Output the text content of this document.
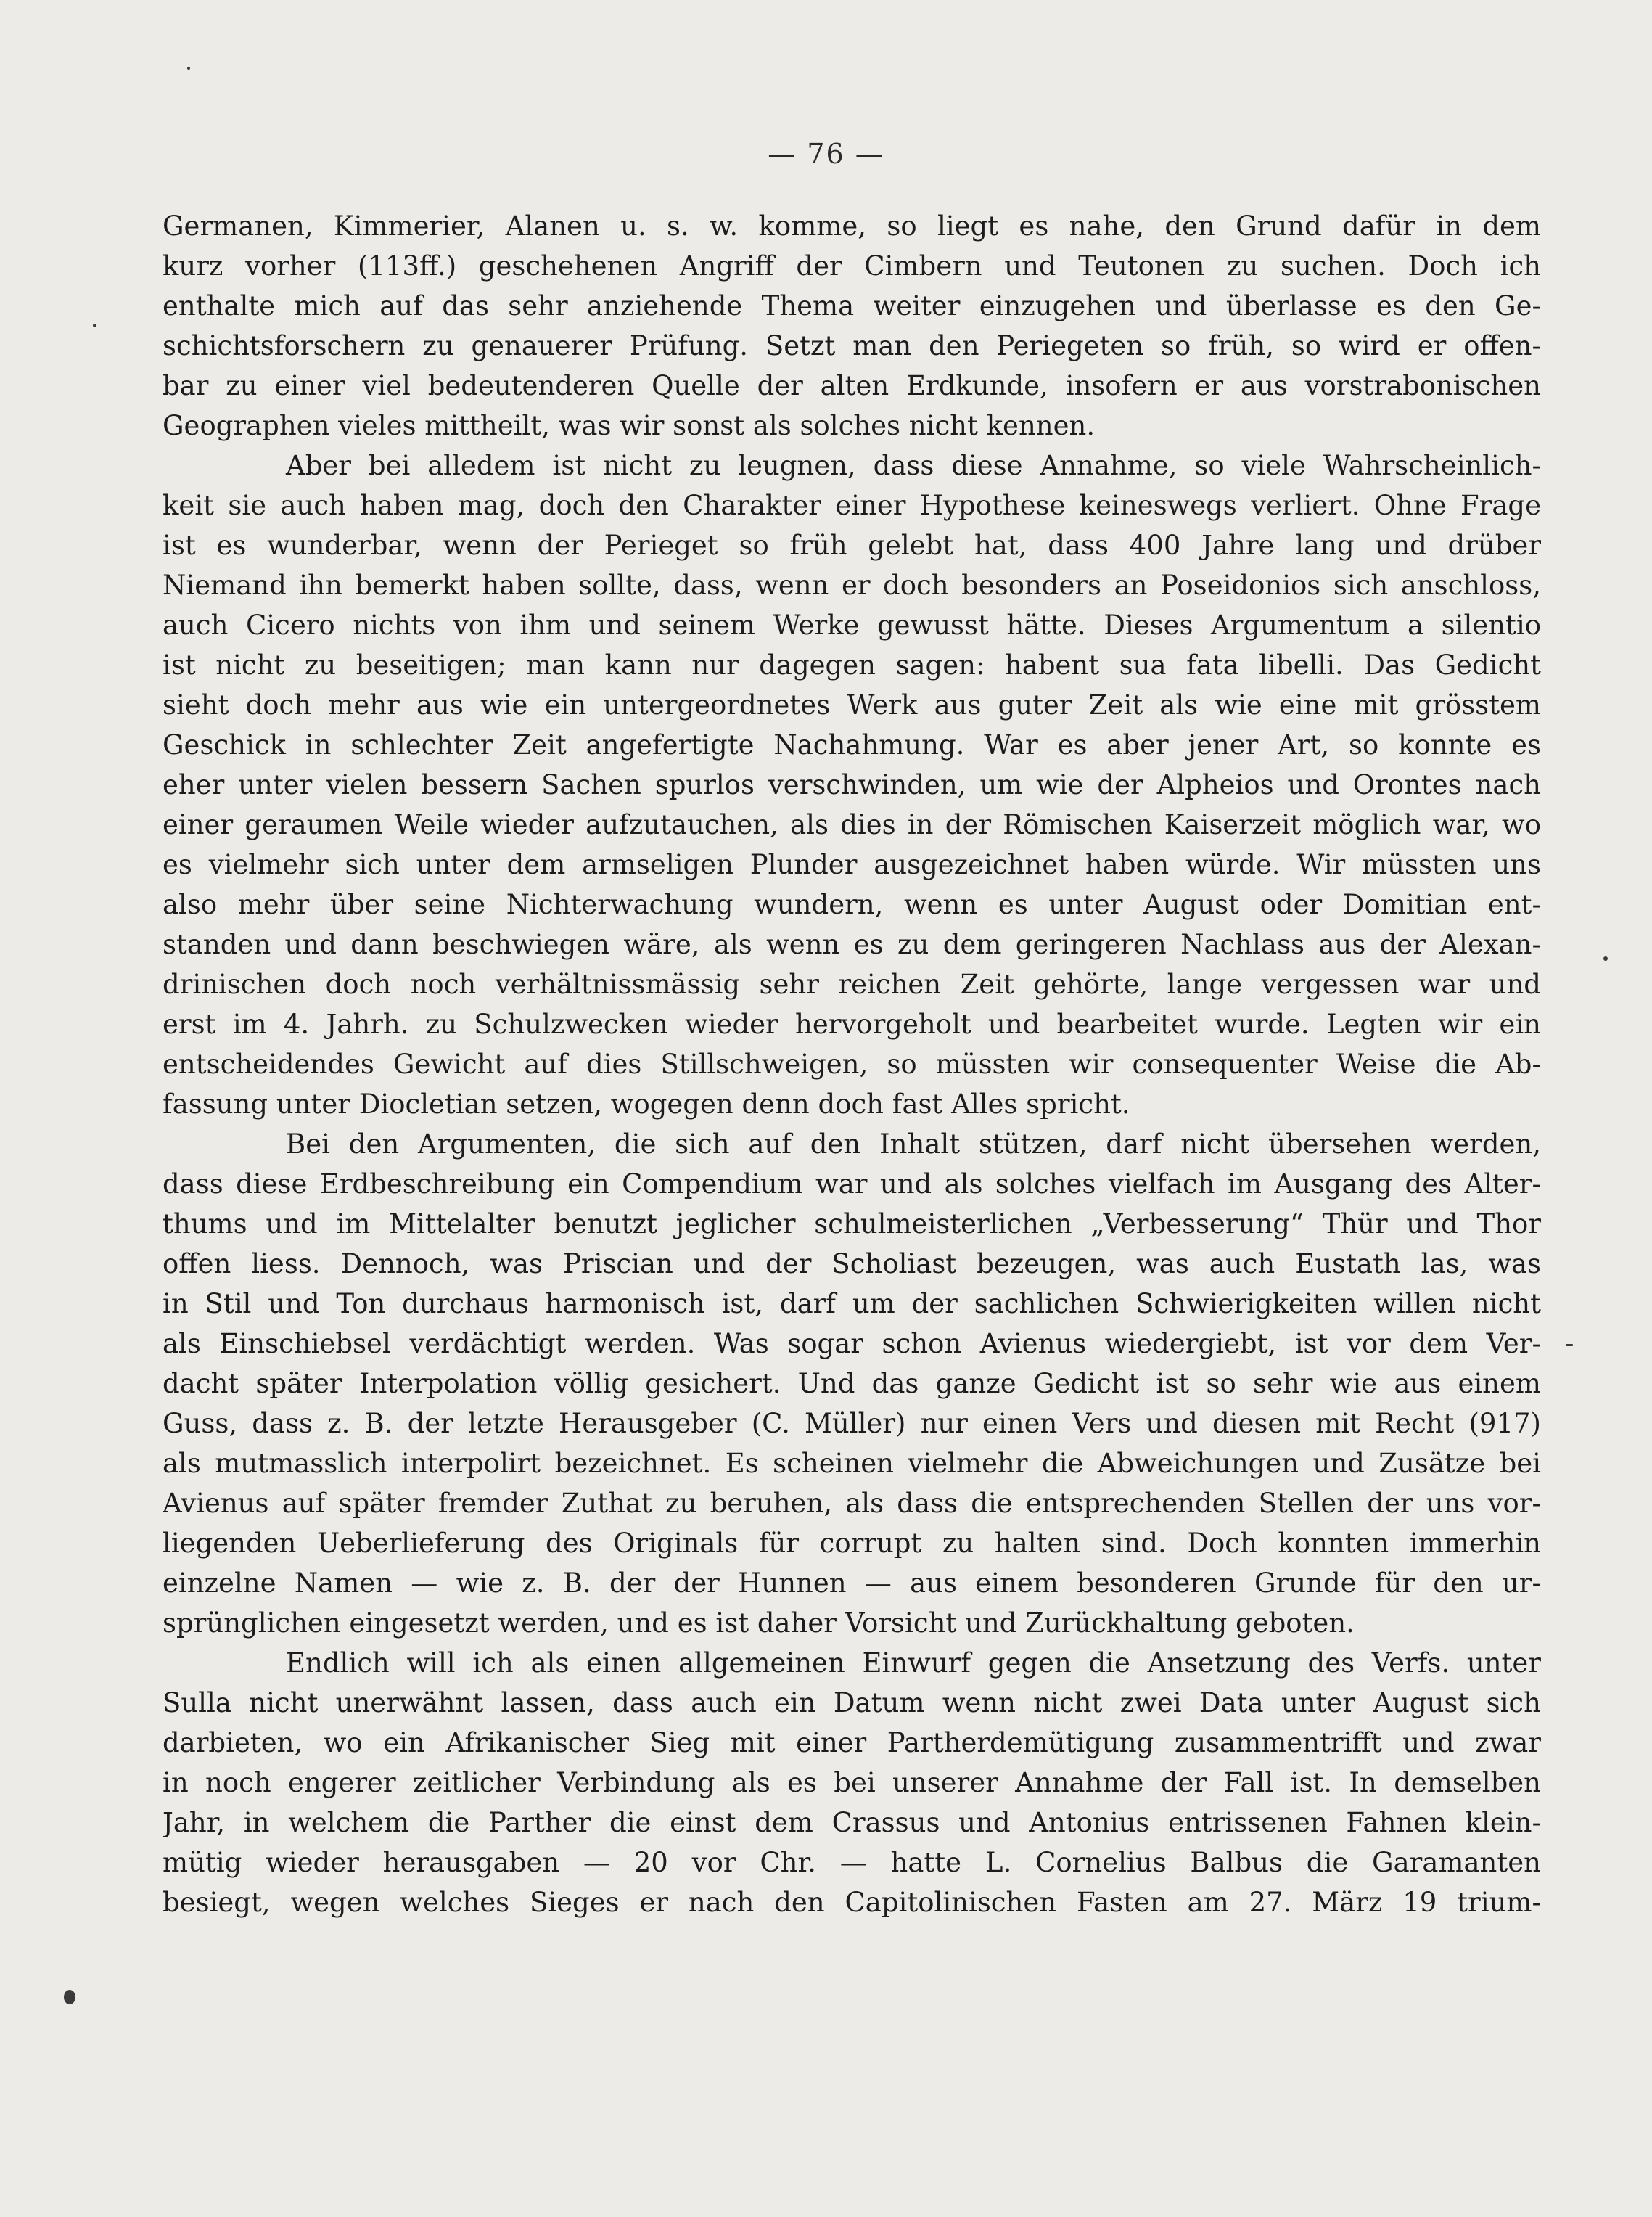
— 76 —
Germanen, Kimmerier, Alanen u. s. w. komme, so liegt es nahe, den Grund dafür in dem
kurz vorher (113ff.) geschehenen Angriff der Cimbern und Teutonen zu suchen. Doch ich
enthalte mich auf das sehr anziehende Thema weiter einzugehen und überlasse es den Ge-
schichtsforschern zu genauerer Prüfung. Setzt man den Periegeten so früh, so wird er offen-
bar zu einer viel bedeutenderen Quelle der alten Erdkunde, insofern er aus vorstrabonischen
Geographen vieles mittheilt, was wir sonst als solches nicht kennen.
Aber bei alledem ist nicht zu leugnen, dass diese Annahme, so viele Wahrscheinlich-
keit sie auch haben mag, doch den Charakter einer Hypothese keineswegs verliert. Ohne Frage
ist es wunderbar, wenn der Perieget so früh gelebt hat, dass 400 Jahre lang und drüber
Niemand ihn bemerkt haben sollte, dass, wenn er doch besonders an Poseidonios sich anschloss,
auch Cicero nichts von ihm und seinem Werke gewusst hätte. Dieses Argumentum a silentio
ist nicht zu beseitigen; man kann nur dagegen sagen: habent sua fata libelli. Das Gedicht
sieht doch mehr aus wie ein untergeordnetes Werk aus guter Zeit als wie eine mit grösstem
Geschick in schlechter Zeit angefertigte Nachahmung. War es aber jener Art, so konnte es
eher unter vielen bessern Sachen spurlos verschwinden, um wie der Alpheios und Orontes nach
einer geraumen Weile wieder aufzutauchen, als dies in der Römischen Kaiserzeit möglich war, wo
es vielmehr sich unter dem armseligen Plunder ausgezeichnet haben würde. Wir müssten uns
also mehr über seine Nichterwachung wundern, wenn es unter August oder Domitian ent-
standen und dann beschwiegen wäre, als wenn es zu dem geringeren Nachlass aus der Alexan-
drinischen doch noch verhältnissmässig sehr reichen Zeit gehörte, lange vergessen war und
erst im 4. Jahrh. zu Schulzwecken wieder hervorgeholt und bearbeitet wurde. Legten wir ein
entscheidendes Gewicht auf dies Stillschweigen, so müssten wir consequenter Weise die Ab-
fassung unter Diocletian setzen, wogegen denn doch fast Alles spricht.
Bei den Argumenten, die sich auf den Inhalt stützen, darf nicht übersehen werden,
dass diese Erdbeschreibung ein Compendium war und als solches vielfach im Ausgang des Alter-
thums und im Mittelalter benutzt jeglicher schulmeisterlichen „Verbesserung“ Thür und Thor
offen liess. Dennoch, was Priscian und der Scholiast bezeugen, was auch Eustath las, was
in Stil und Ton durchaus harmonisch ist, darf um der sachlichen Schwierigkeiten willen nicht
als Einschiebsel verdächtigt werden. Was sogar schon Avienus wiedergiebt, ist vor dem Ver-
dacht später Interpolation völlig gesichert. Und das ganze Gedicht ist so sehr wie aus einem
Guss, dass z. B. der letzte Herausgeber (C. Müller) nur einen Vers und diesen mit Recht (917)
als mutmasslich interpolirt bezeichnet. Es scheinen vielmehr die Abweichungen und Zusätze bei
Avienus auf später fremder Zuthat zu beruhen, als dass die entsprechenden Stellen der uns vor-
liegenden Ueberlieferung des Originals für corrupt zu halten sind. Doch konnten immerhin
einzelne Namen — wie z. B. der der Hunnen — aus einem besonderen Grunde für den ur-
sprünglichen eingesetzt werden, und es ist daher Vorsicht und Zurückhaltung geboten.
Endlich will ich als einen allgemeinen Einwurf gegen die Ansetzung des Verfs. unter
Sulla nicht unerwähnt lassen, dass auch ein Datum wenn nicht zwei Data unter August sich
darbieten, wo ein Afrikanischer Sieg mit einer Partherdemütigung zusammentrifft und zwar
in noch engerer zeitlicher Verbindung als es bei unserer Annahme der Fall ist. In demselben
Jahr, in welchem die Parther die einst dem Crassus und Antonius entrissenen Fahnen klein-
mütig wieder herausgaben — 20 vor Chr. — hatte L. Cornelius Balbus die Garamanten
besiegt, wegen welches Sieges er nach den Capitolinischen Fasten am 27. März 19 trium-
